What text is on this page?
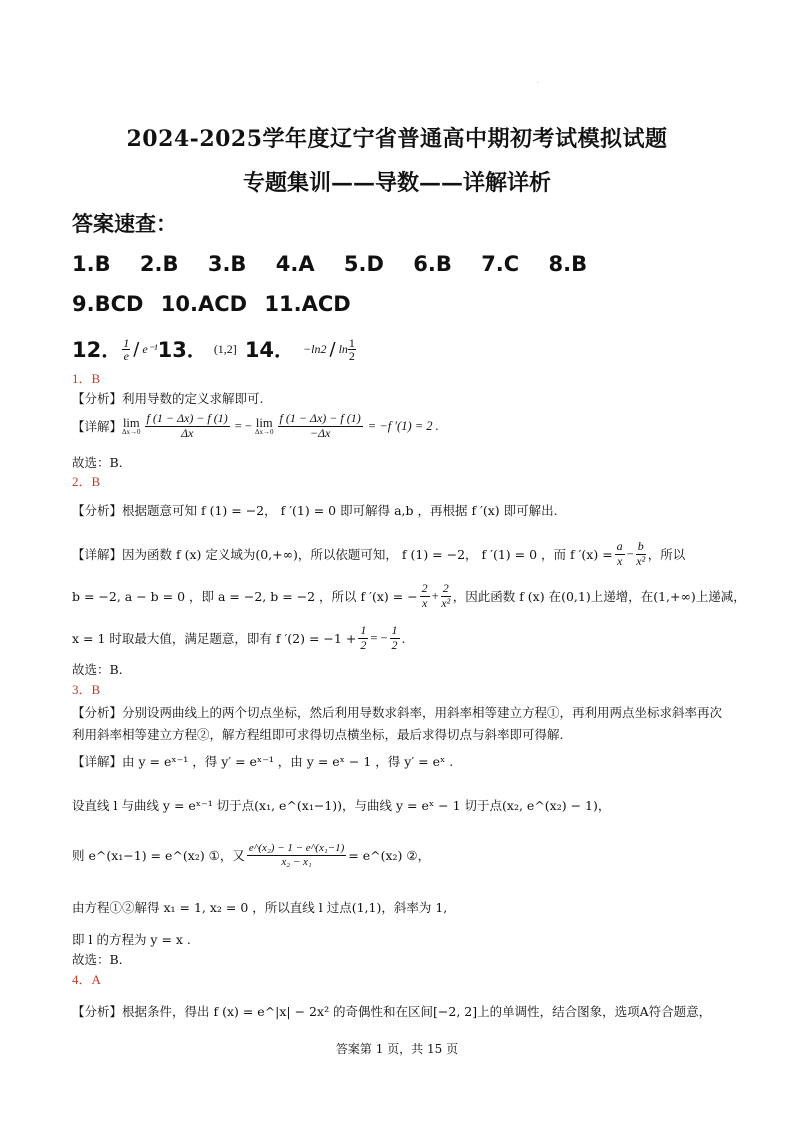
·
2024-2025学年度辽宁省普通高中期初考试模拟试题
专题集训——导数——详解详析
答案速查：
1.B 2.B 3.B 4.A 5.D 6.B 7.C 8.B
9.BCD 10.ACD 11.ACD
12． $\frac{1}{e} / e^{-1}$ 13． (1,2] 14． $-\ln 2 / \ln \frac{1}{2}$
1．B
【分析】利用导数的定义求解即可.
【详解】 lim
$\Delta x\to 0 \frac{f (1 - \Delta x) - f (1)}{\Delta x}$ = − lim
$\Delta x\to 0 \frac{f (1 - \Delta x) - f (1)}{-\Delta x} = -f$ ′(1) = 2 .
故选：B.
2．B
【分析】根据题意可知 f (1) = −2， f ′(1) = 0 即可解得 a,b ，再根据 f ′(x) 即可解出.
【详解】因为函数 f (x) 定义域为(0,+∞)，所以依题可知， f (1) = −2， f ′(1) = 0 ，而 f $'(x) = \frac{a}{x} - \frac{b}{\text{x²}}$ ，所以
b = −2, a − b = 0 ，即 a = −2, b = −2 ，所以 f ′(x) = − $\frac{2}{x} + \frac{2}{\text{x²}}$ ，因此函数 f (x) 在(0,1)上递增，在(1,+∞)上递减，
x = 1 时取最大值，满足题意，即有 f $'(2) = -1 + \frac{1}{2}$ = − $\frac{1}{2}$ .
故选：B.
3．B
【分析】分别设两曲线上的两个切点坐标，然后利用导数求斜率，用斜率相等建立方程①，再利用两点坐标求斜率再次利用斜率相等建立方程②，解方程组即可求得切点横坐标，最后求得切点与斜率即可得解.
【详解】由 y = eˣ⁻¹ ，得 y′ = eˣ⁻¹ ，由 y = eˣ − 1 ，得 y′ = eˣ .
设直线 l 与曲线 y = eˣ⁻¹ 切于点(x₁, e^(x₁−1))，与曲线 y = eˣ − 1 切于点(x₂, e^(x₂) − 1)，
则 e^(x₁−1) = e^(x₂) ①，又 $\frac{\text{e\textasciicircum{}(x₂) − 1 − e\textasciicircum{}(x₁−1)}}{\text{x₂ − x₁}}$ = e^(x₂) ②，
由方程①②解得 x₁ = 1, x₂ = 0 ，所以直线 l 过点(1,1)，斜率为 1,
即 l 的方程为 y = x .
故选：B.
4．A
【分析】根据条件，得出 f (x) = e^|x| − 2x² 的奇偶性和在区间[−2, 2]上的单调性，结合图象，选项A符合题意，
答案第 1 页，共 15 页
